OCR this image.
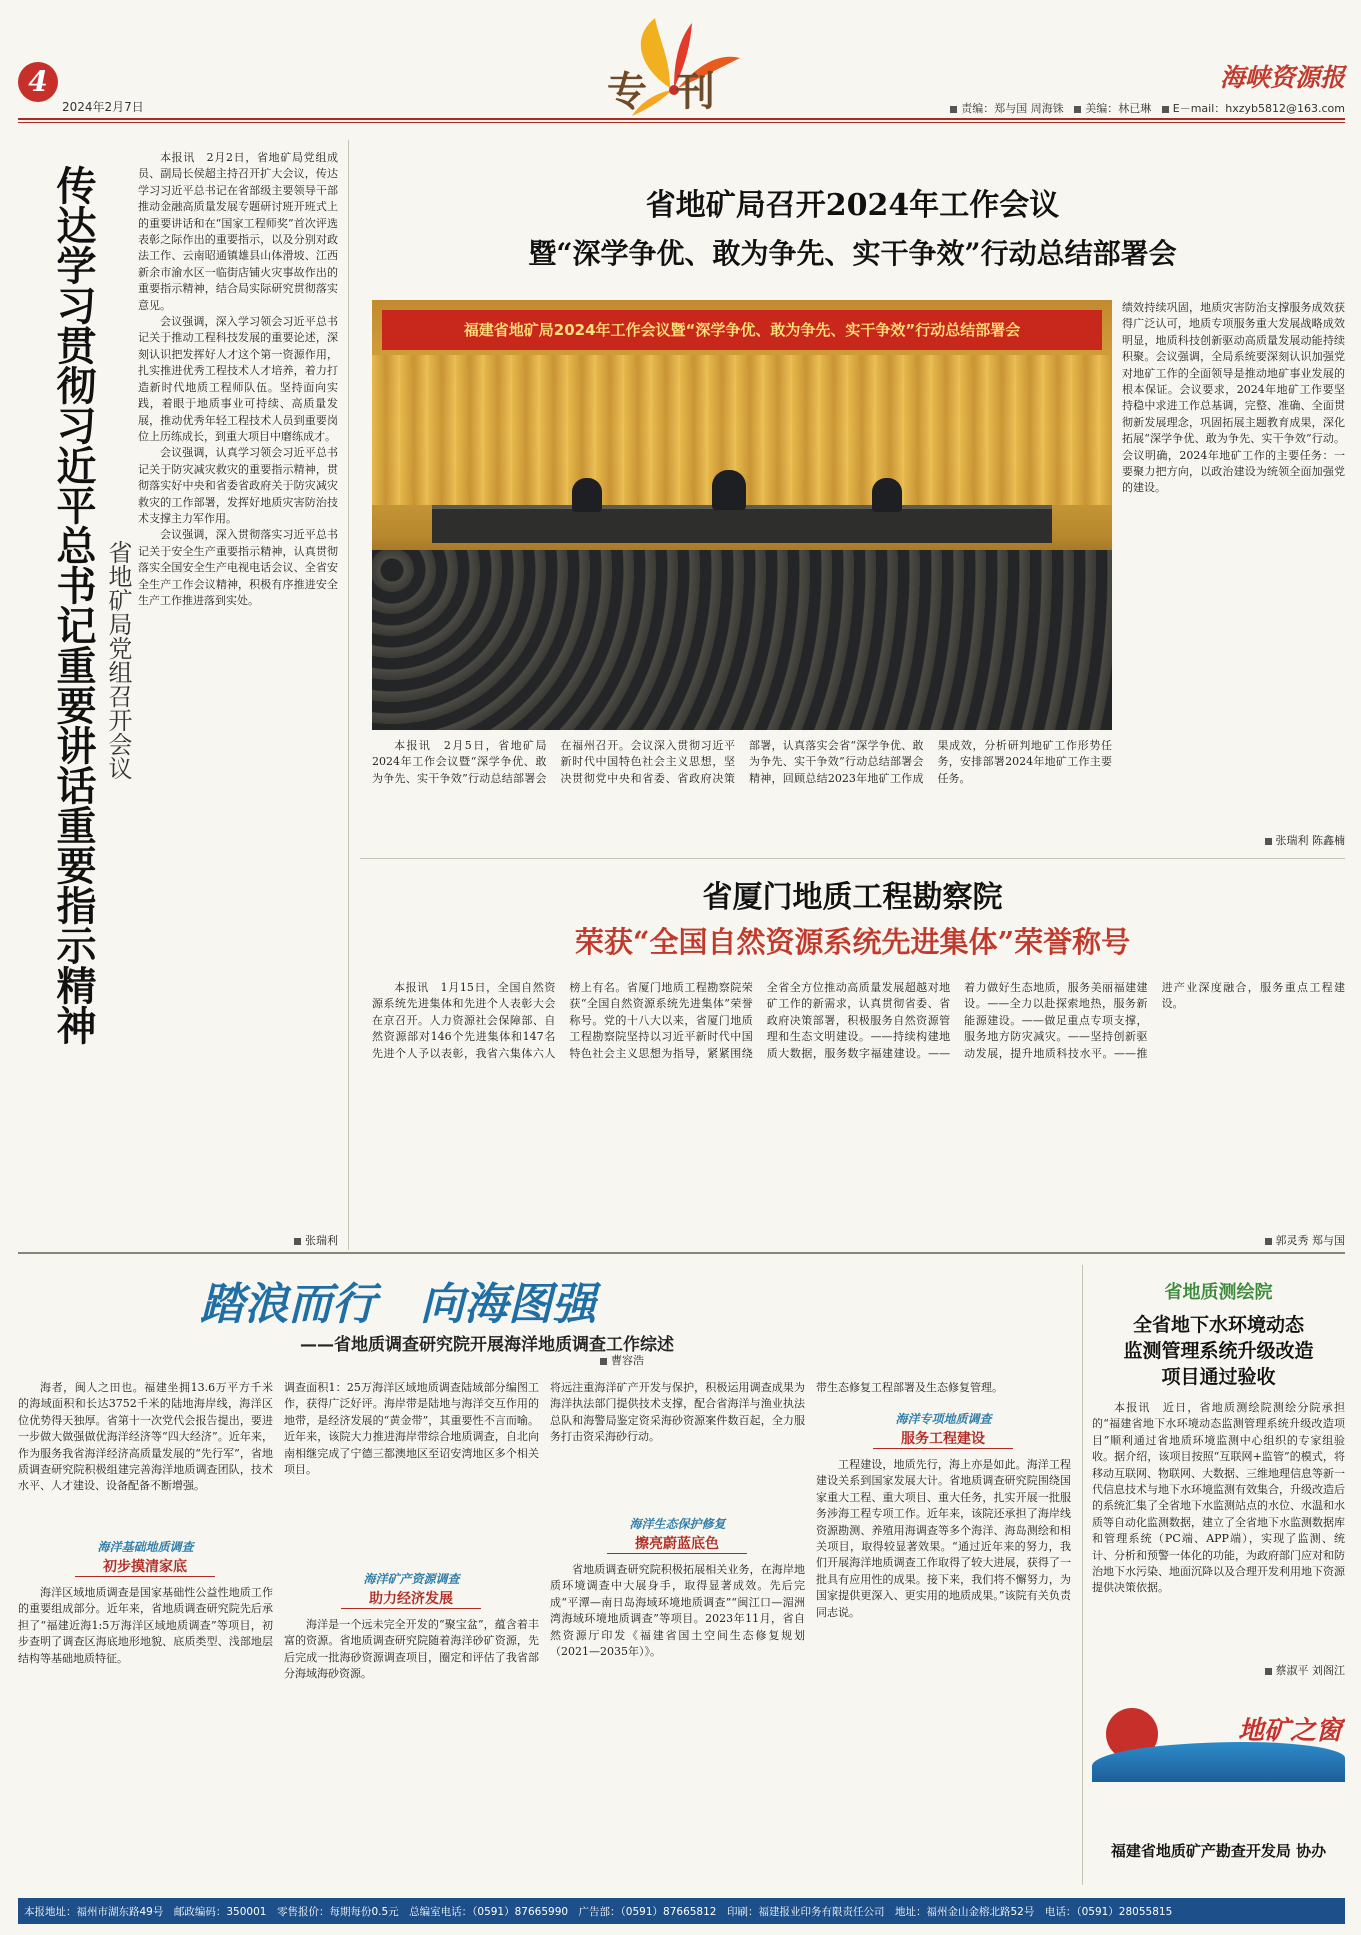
4
2024年2月7日	专刊	海峡资源报
责编：郑与国 周海铢 美编：林已琳 E－mail：hxzyb5812@163.com
传达学习贯彻习近平总书记重要讲话重要指示精神 省地矿局党组召开会议

本报讯　2月2日，省地矿局党组成员、副局长侯超主持召开扩大会议，传达学习习近平总书记在省部级主要领导干部推动金融高质量发展专题研讨班开班式上的重要讲话和在“国家工程师奖”首次评选表彰之际作出的重要指示，以及分别对政法工作、云南昭通镇雄县山体滑坡、江西新余市渝水区一临街店铺火灾事故作出的重要指示精神，结合局实际研究贯彻落实意见。

会议强调，深入学习领会习近平总书记关于推动工程科技发展的重要论述，深刻认识把发挥好人才这个第一资源作用，扎实推进优秀工程技术人才培养，着力打造新时代地质工程师队伍。坚持面向实践，着眼于地质事业可持续、高质量发展，推动优秀年轻工程技术人员到重要岗位上历练成长，到重大项目中磨练成才。

会议强调，认真学习领会习近平总书记关于防灾减灾救灾的重要指示精神，贯彻落实好中央和省委省政府关于防灾减灾救灾的工作部署，发挥好地质灾害防治技术支撑主力军作用。

会议强调，深入贯彻落实习近平总书记关于安全生产重要指示精神，认真贯彻落实全国安全生产电视电话会议、全省安全生产工作会议精神，积极有序推进安全生产工作推进落到实处。

张瑞利
省地矿局召开2024年工作会议
暨“深学争优、敢为争先、实干争效”行动总结部署会
福建省地矿局2024年工作会议暨“深学争优、敢为争先、实干争效”行动总结部署会

绩效持续巩固，地质灾害防治支撑服务成效获得广泛认可，地质专项服务重大发展战略成效明显，地质科技创新驱动高质量发展动能持续积聚。会议强调，全局系统要深刻认识加强党对地矿工作的全面领导是推动地矿事业发展的根本保证。会议要求，2024年地矿工作要坚持稳中求进工作总基调，完整、准确、全面贯彻新发展理念，巩固拓展主题教育成果，深化拓展“深学争优、敢为争先、实干争效”行动。会议明确，2024年地矿工作的主要任务：一要聚力把方向，以政治建设为统领全面加强党的建设。

张瑞利 陈鑫楠

本报讯　2月5日，省地矿局2024年工作会议暨“深学争优、敢为争先、实干争效”行动总结部署会在福州召开。会议深入贯彻习近平新时代中国特色社会主义思想，坚决贯彻党中央和省委、省政府决策部署，认真落实会省“深学争优、敢为争先、实干争效”行动总结部署会精神，回顾总结2023年地矿工作成果成效，分析研判地矿工作形势任务，安排部署2024年地矿工作主要任务。

省厦门地质工程勘察院
荣获“全国自然资源系统先进集体”荣誉称号

本报讯　1月15日，全国自然资源系统先进集体和先进个人表彰大会在京召开。人力资源社会保障部、自然资源部对146个先进集体和147名先进个人予以表彰，我省六集体六人榜上有名。省厦门地质工程勘察院荣获“全国自然资源系统先进集体”荣誉称号。党的十八大以来，省厦门地质工程勘察院坚持以习近平新时代中国特色社会主义思想为指导，紧紧围绕全省全方位推动高质量发展超越对地矿工作的新需求，认真贯彻省委、省政府决策部署，积极服务自然资源管理和生态文明建设。——持续构建地质大数据，服务数字福建建设。——着力做好生态地质，服务美丽福建建设。——全力以赴探索地热，服务新能源建设。——做足重点专项支撑，服务地方防灾减灾。——坚持创新驱动发展，提升地质科技水平。——推进产业深度融合，服务重点工程建设。

郭灵秀 郑与国
踏浪而行　向海图强
——省地质调查研究院开展海洋地质调查工作综述
曹容浩

海者，闽人之田也。福建坐拥13.6万平方千米的海域面积和长达3752千米的陆地海岸线，海洋区位优势得天独厚。省第十一次党代会报告提出，要进一步做大做强做优海洋经济等“四大经济”。近年来，作为服务我省海洋经济高质量发展的“先行军”，省地质调查研究院积极组建完善海洋地质调查团队，技术水平、人才建设、设备配备不断增强。

海洋基础地质调查
初步摸清家底

海洋区域地质调查是国家基础性公益性地质工作的重要组成部分。近年来，省地质调查研究院先后承担了“福建近海1:5万海洋区域地质调查”等项目，初步查明了调查区海底地形地貌、底质类型、浅部地层结构等基础地质特征。

调查面积1：25万海洋区域地质调查陆域部分编图工作，获得广泛好评。海岸带是陆地与海洋交互作用的地带，是经济发展的“黄金带”，其重要性不言而喻。近年来，该院大力推进海岸带综合地质调查，自北向南相继完成了宁德三都澳地区至诏安湾地区多个相关项目。

海洋矿产资源调查
助力经济发展

海洋是一个远未完全开发的“聚宝盆”，蕴含着丰富的资源。省地质调查研究院随着海洋砂矿资源，先后完成一批海砂资源调查项目，圈定和评估了我省部分海域海砂资源。

将远注重海洋矿产开发与保护，积极运用调查成果为海洋执法部门提供技术支撑，配合省海洋与渔业执法总队和海警局鉴定资采海砂资源案件数百起，全力服务打击资采海砂行动。

海洋生态保护修复
擦亮蔚蓝底色

省地质调查研究院积极拓展相关业务，在海岸地质环境调查中大展身手，取得显著成效。先后完成“平潭—南日岛海域环境地质调查”“闽江口—湄洲湾海域环境地质调查”等项目。2023年11月，省自然资源厅印发《福建省国土空间生态修复规划（2021—2035年）》。

带生态修复工程部署及生态修复管理。

海洋专项地质调查
服务工程建设

工程建设，地质先行，海上亦是如此。海洋工程建设关系到国家发展大计。省地质调查研究院围绕国家重大工程、重大项目、重大任务，扎实开展一批服务涉海工程专项工作。近年来，该院还承担了海岸线资源勘测、养殖用海调查等多个海洋、海岛测绘和相关项目，取得较显著效果。“通过近年来的努力，我们开展海洋地质调查工作取得了较大进展，获得了一批具有应用性的成果。接下来，我们将不懈努力，为国家提供更深入、更实用的地质成果。”该院有关负责同志说。

省地质测绘院
全省地下水环境动态
监测管理系统升级改造
项目通过验收

本报讯　近日，省地质测绘院测绘分院承担的“福建省地下水环境动态监测管理系统升级改造项目”顺利通过省地质环境监测中心组织的专家组验收。据介绍，该项目按照“互联网+监管”的模式，将移动互联网、物联网、大数据、三维地理信息等新一代信息技术与地下水环境监测有效集合，升级改造后的系统汇集了全省地下水监测站点的水位、水温和水质等自动化监测数据，建立了全省地下水监测数据库和管理系统（PC端、APP端），实现了监测、统计、分析和预警一体化的功能，为政府部门应对和防治地下水污染、地面沉降以及合理开发利用地下资源提供决策依据。

蔡淑平 刘阁江
地矿之窗
福建省地质矿产勘查开发局 协办
本报地址：福州市湖东路49号　邮政编码：350001　零售报价：每期每份0.5元　总编室电话：（0591）87665990　广告部：（0591）87665812　印刷：福建报业印务有限责任公司　地址：福州金山金榕北路52号　电话：（0591）28055815
